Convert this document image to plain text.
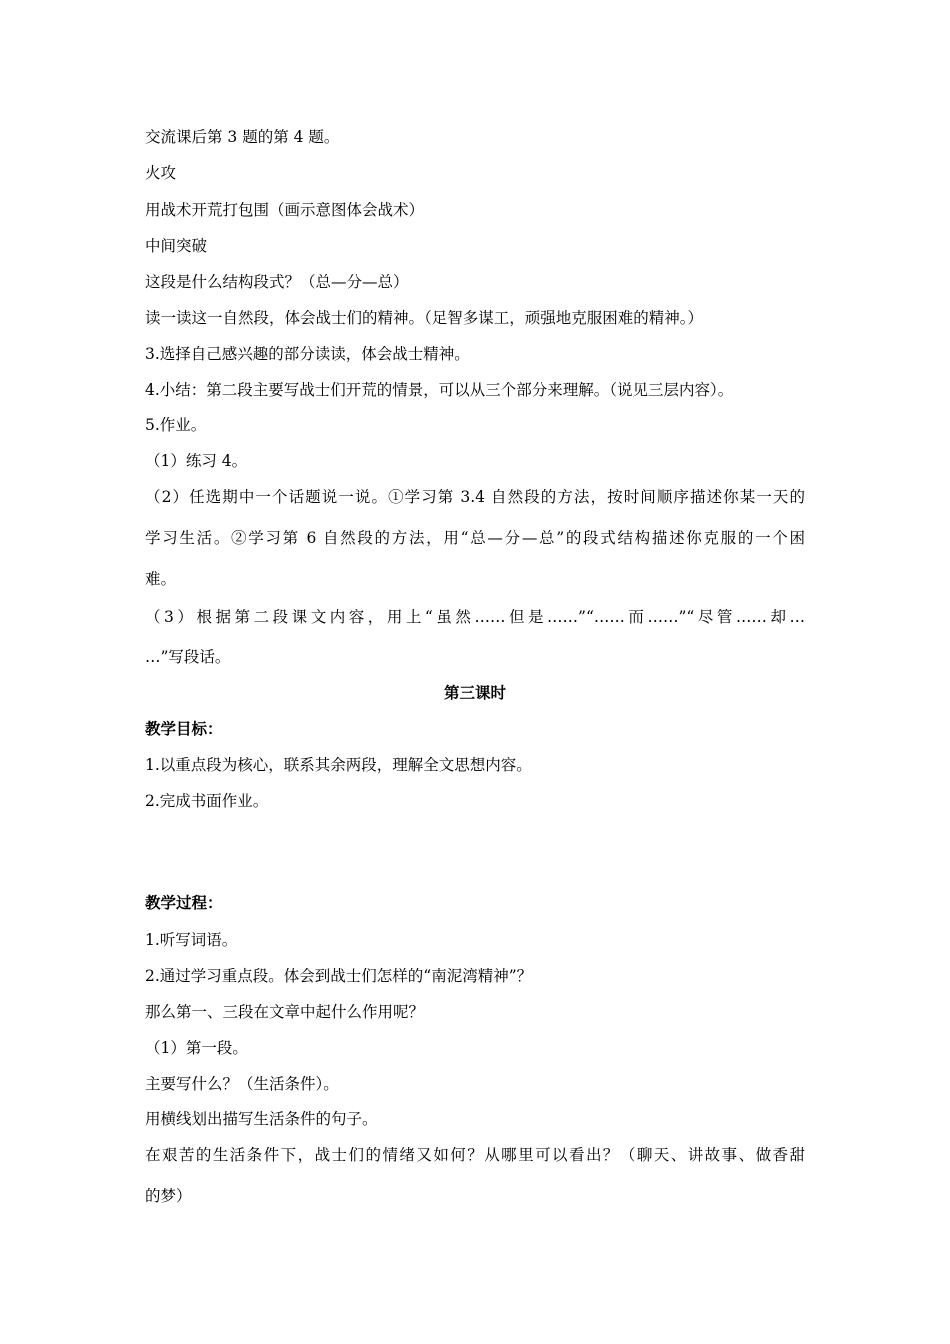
交流课后第 3 题的第 4 题。
火攻
用战术开荒打包围（画示意图体会战术）
中间突破
这段是什么结构段式？（总—分—总）
读一读这一自然段，体会战士们的精神。（足智多谋工，顽强地克服困难的精神。）
3.选择自己感兴趣的部分读读，体会战士精神。
4.小结：第二段主要写战士们开荒的情景，可以从三个部分来理解。（说见三层内容）。
5.作业。
（1）练习 4。
（2）任选期中一个话题说一说。①学习第 3.4 自然段的方法，按时间顺序描述你某一天的
学习生活。②学习第 6 自然段的方法，用“总—分—总”的段式结构描述你克服的一个困
难。
（3）根据第二段课文内容，用上“虽然……但是……”“……而……”“尽管……却…
…”写段话。
第三课时
教学目标：
1.以重点段为核心，联系其余两段，理解全文思想内容。
2.完成书面作业。
教学过程：
1.听写词语。
2.通过学习重点段。体会到战士们怎样的“南泥湾精神”？
那么第一、三段在文章中起什么作用呢？
（1）第一段。
主要写什么？（生活条件）。
用横线划出描写生活条件的句子。
在艰苦的生活条件下，战士们的情绪又如何？从哪里可以看出？（聊天、讲故事、做香甜
的梦）
